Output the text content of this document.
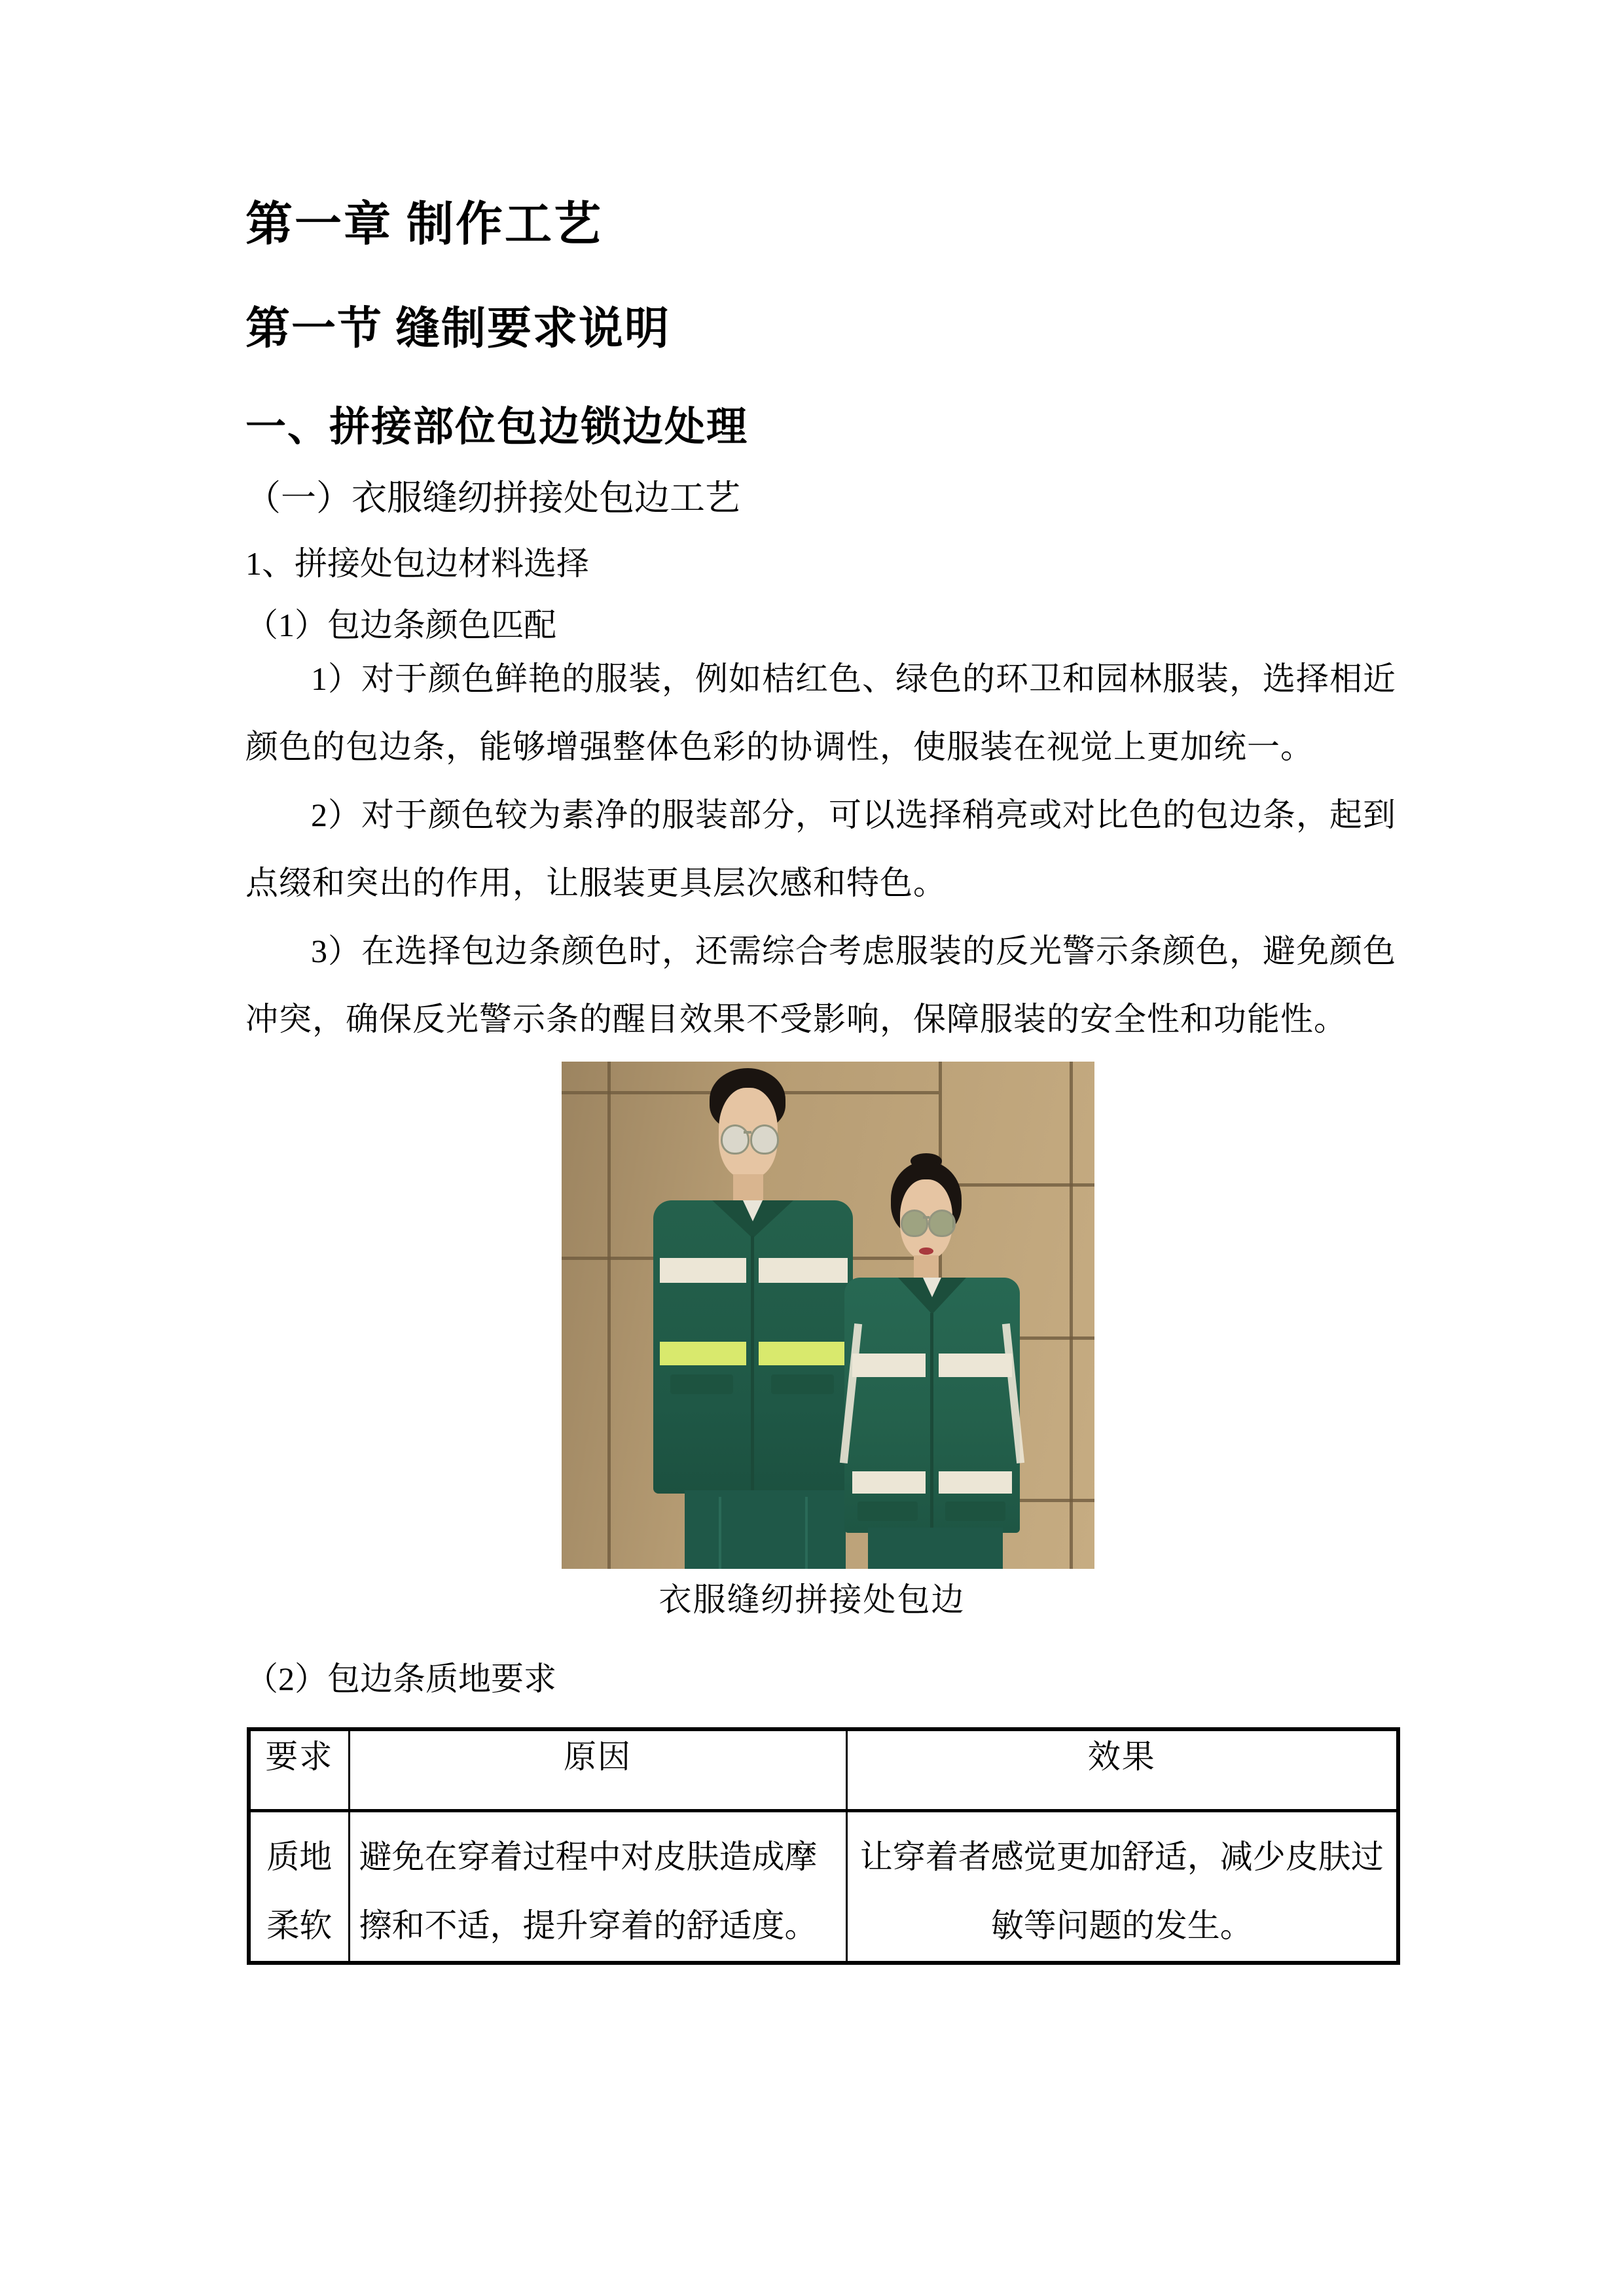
第一章 制作工艺
第一节 缝制要求说明
一、拼接部位包边锁边处理
（一）衣服缝纫拼接处包边工艺
1、拼接处包边材料选择
（1）包边条颜色匹配

1）对于颜色鲜艳的服装，例如桔红色、绿色的环卫和园林服装，选择相近
颜色的包边条，能够增强整体色彩的协调性，使服装在视觉上更加统一。

2）对于颜色较为素净的服装部分，可以选择稍亮或对比色的包边条，起到
点缀和突出的作用，让服装更具层次感和特色。

3）在选择包边条颜色时，还需综合考虑服装的反光警示条颜色，避免颜色
冲突，确保反光警示条的醒目效果不受影响，保障服装的安全性和功能性。

衣服缝纫拼接处包边
（2）包边条质地要求
要求	原因	效果
质地柔软	避免在穿着过程中对皮肤造成摩擦和不适，提升穿着的舒适度。	让穿着者感觉更加舒适，减少皮肤过敏等问题的发生。
